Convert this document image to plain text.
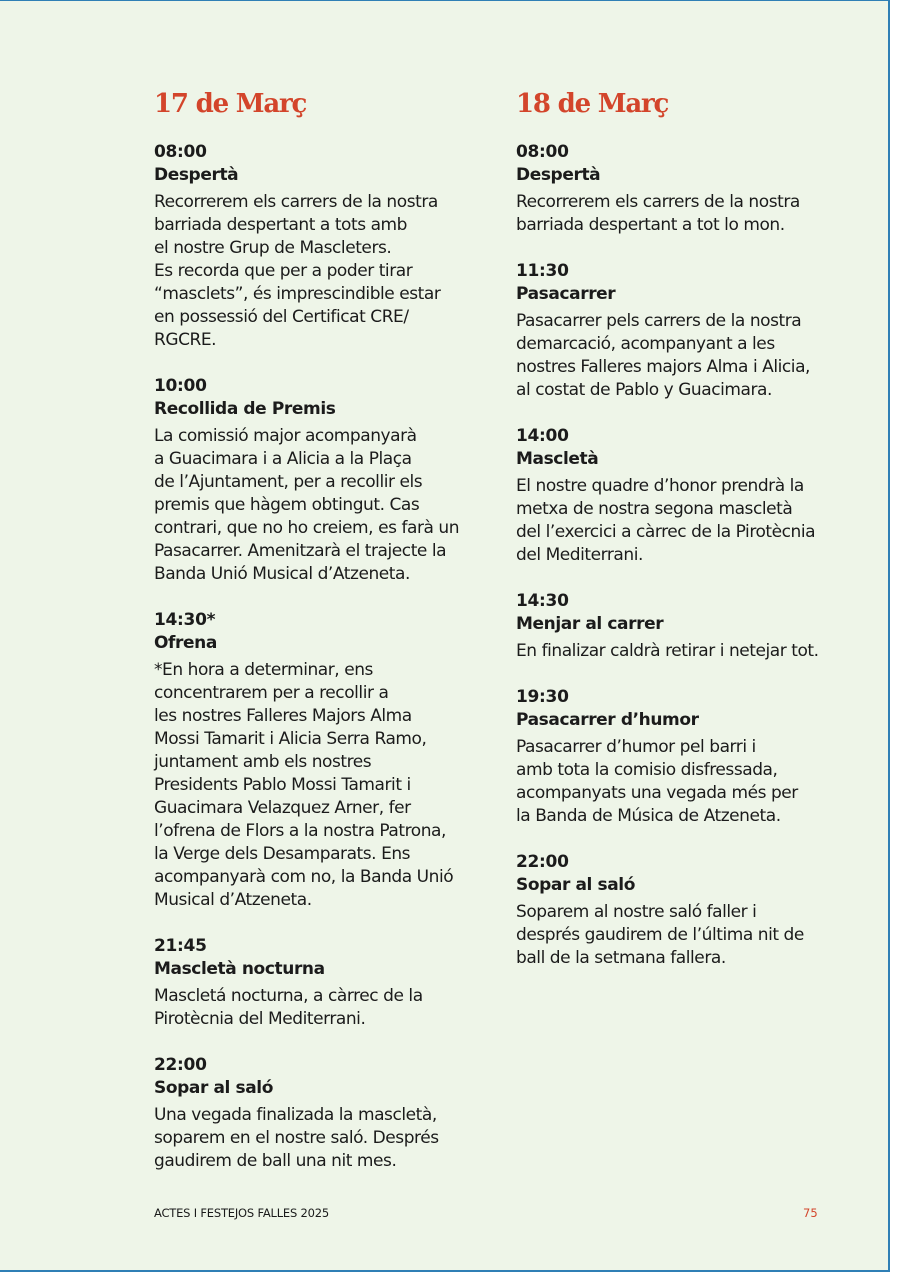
17 de Març
08:00
Despertà
Recorrerem els carrers de la nostra
barriada despertant a tots amb
el nostre Grup de Mascleters.
Es recorda que per a poder tirar
“masclets”, és imprescindible estar
en possessió del Certificat CRE/
RGCRE.
10:00
Recollida de Premis
La comissió major acompanyarà
a Guacimara i a Alicia a la Plaça
de l’Ajuntament, per a recollir els
premis que hàgem obtingut. Cas
contrari, que no ho creiem, es farà un
Pasacarrer. Amenitzarà el trajecte la
Banda Unió Musical d’Atzeneta.
14:30*
Ofrena
*En hora a determinar, ens
concentrarem per a recollir a
les nostres Falleres Majors Alma
Mossi Tamarit i Alicia Serra Ramo,
juntament amb els nostres
Presidents Pablo Mossi Tamarit i
Guacimara Velazquez Arner, fer
l’ofrena de Flors a la nostra Patrona,
la Verge dels Desamparats. Ens
acompanyarà com no, la Banda Unió
Musical d’Atzeneta.
21:45
Mascletà nocturna
Mascletá nocturna, a càrrec de la
Pirotècnia del Mediterrani.
22:00
Sopar al saló
Una vegada finalizada la mascletà,
soparem en el nostre saló. Després
gaudirem de ball una nit mes.
18 de Març
08:00
Despertà
Recorrerem els carrers de la nostra
barriada despertant a tot lo mon.
11:30
Pasacarrer
Pasacarrer pels carrers de la nostra
demarcació, acompanyant a les
nostres Falleres majors Alma i Alicia,
al costat de Pablo y Guacimara.
14:00
Mascletà
El nostre quadre d’honor prendrà la
metxa de nostra segona mascletà
del l’exercici a càrrec de la Pirotècnia
del Mediterrani.
14:30
Menjar al carrer
En finalizar caldrà retirar i netejar tot.
19:30
Pasacarrer d’humor
Pasacarrer d’humor pel barri i
amb tota la comisio disfressada,
acompanyats una vegada més per
la Banda de Música de Atzeneta.
22:00
Sopar al saló
Soparem al nostre saló faller i
després gaudirem de l’última nit de
ball de la setmana fallera.
ACTES I FESTEJOS FALLES 2025	75
